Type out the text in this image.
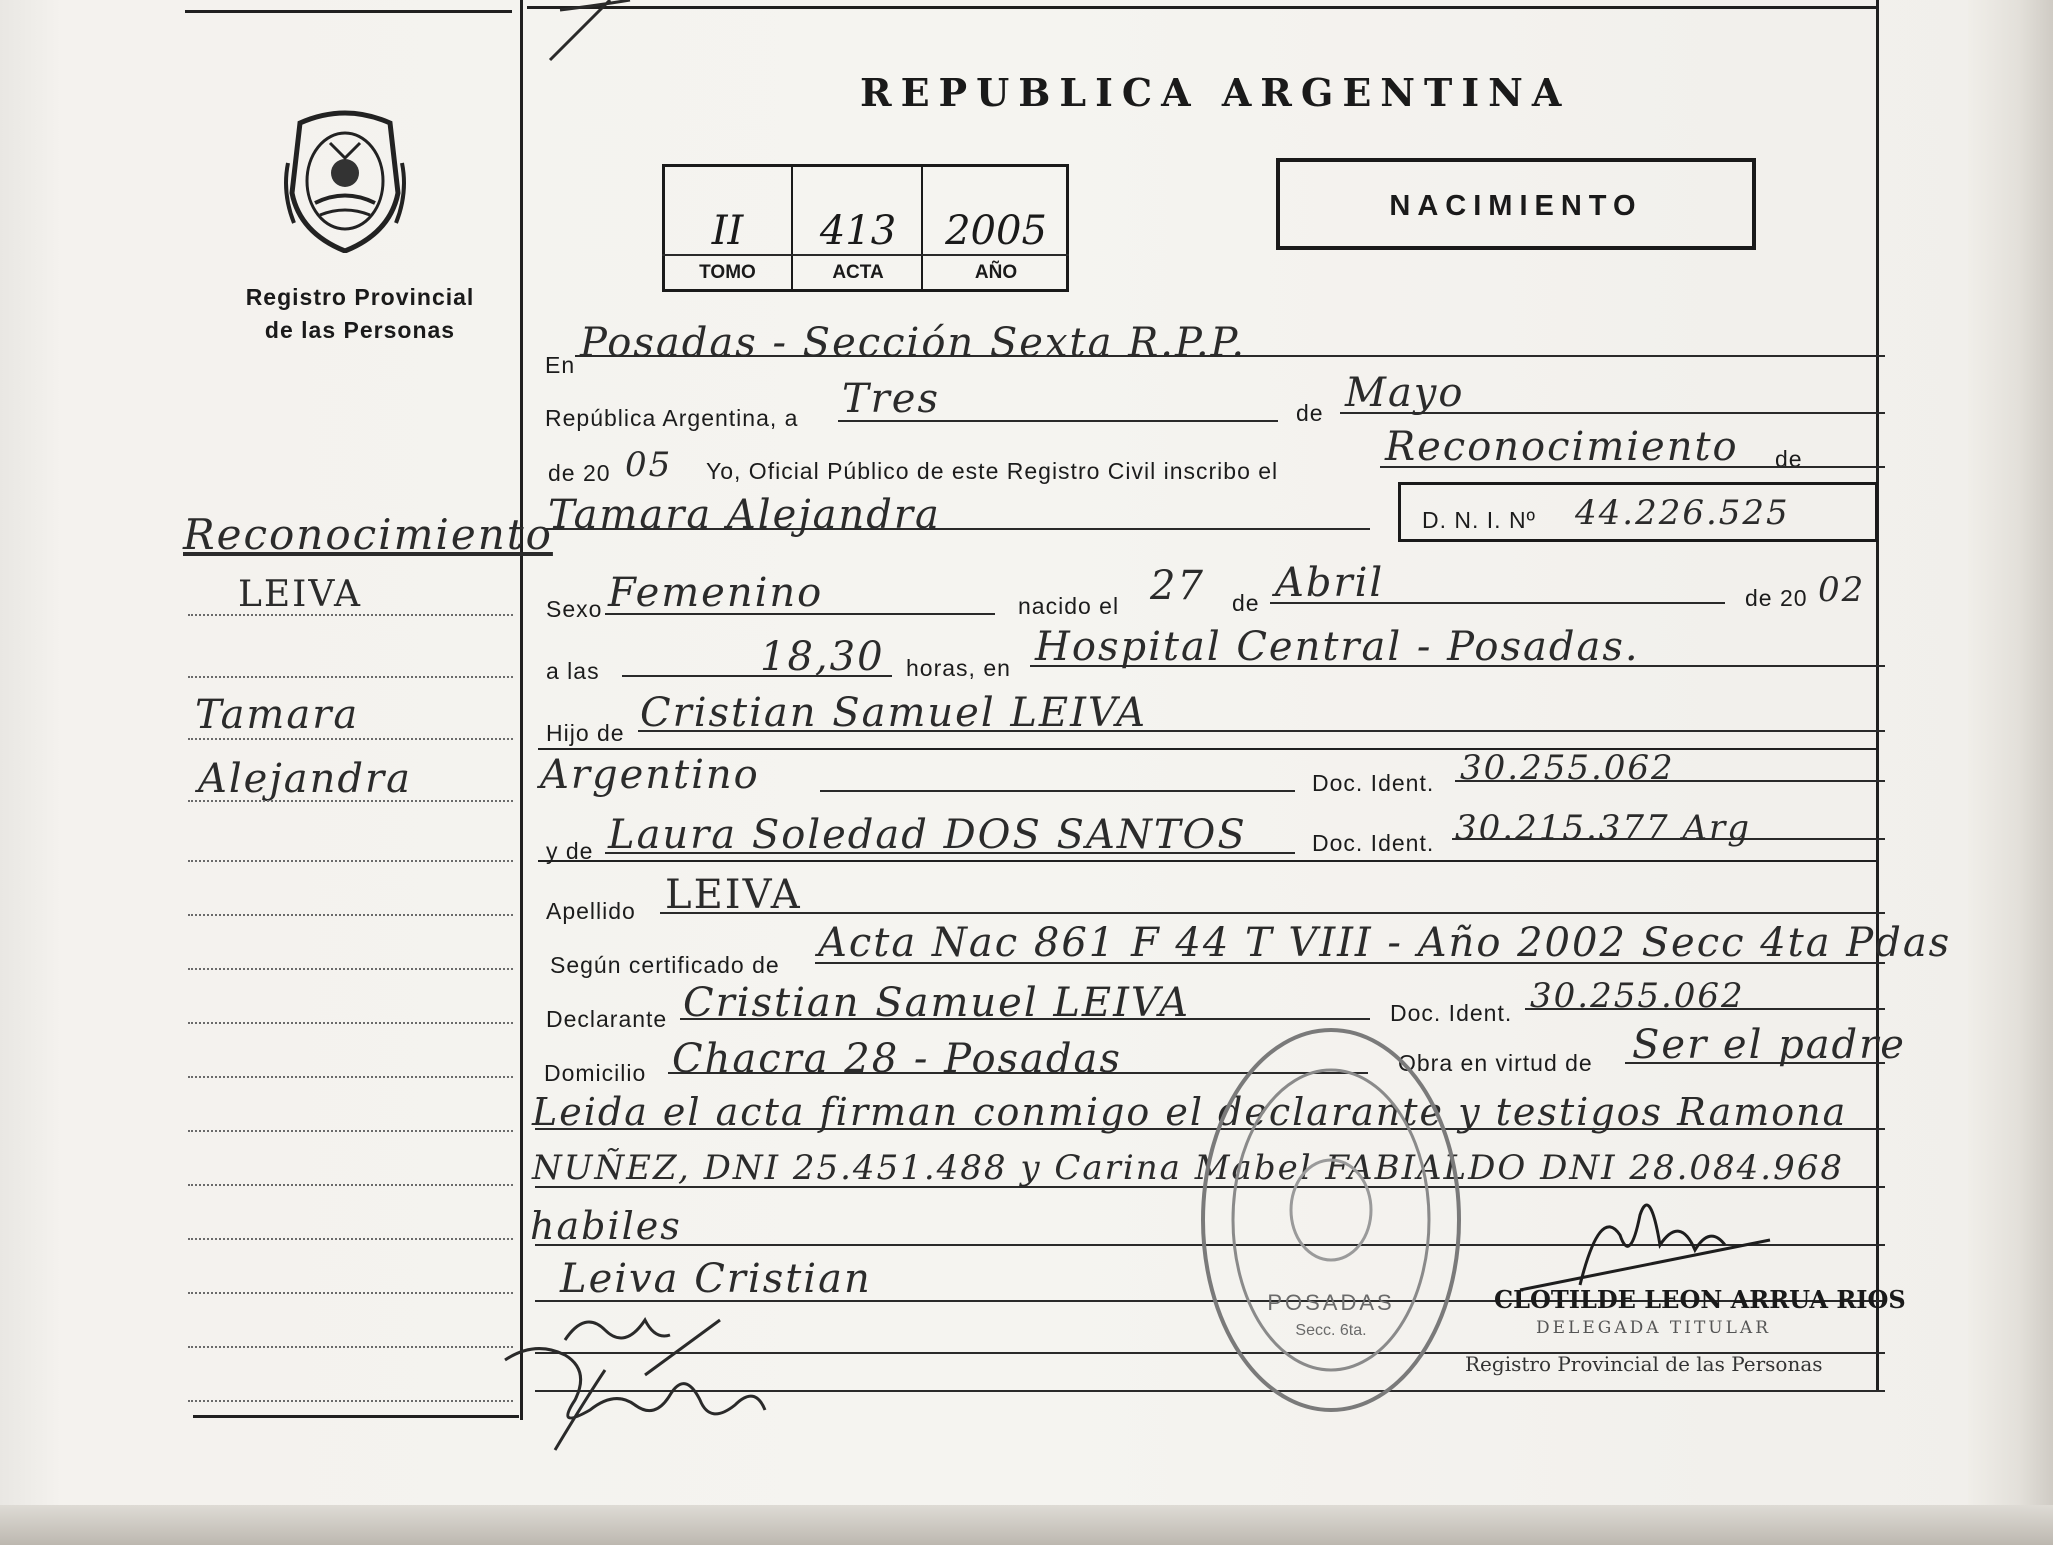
Registro Provincial
de las Personas
Reconocimiento
LEIVA
Tamara
Alejandra
REPUBLICA ARGENTINA
II	413	2005
TOMO	ACTA	AÑO
NACIMIENTO
En Posadas - Sección Sexta R.P.P.
República Argentina, a Tres	de Mayo
de 20 05 Yo, Oficial Público de este Registro Civil inscribo el
Reconocimiento de
Tamara Alejandra	D. N. I. Nº 44.226.525
Sexo Femenino	nacido el 27 de Abril	de 20 02
a las	18,30 horas, en Hospital Central - Posadas.
Hijo de Cristian Samuel LEIVA
Argentino	Doc. Ident. 30.255.062
y de Laura Soledad DOS SANTOS	Doc. Ident. 30.215.377 Arg
Apellido LEIVA
Según certificado de Acta Nac 861 F 44 T VIII - Año 2002 Secc 4ta Pdas
Declarante Cristian Samuel LEIVA	Doc. Ident. 30.255.062
Domicilio Chacra 28 - Posadas	Obra en virtud de Ser el padre
Leida el acta firman conmigo el declarante y testigos Ramona
NUÑEZ, DNI 25.451.488 y Carina Mabel FABIALDO DNI 28.084.968
habiles
Leiva Cristian
POSADAS
Secc. 6ta.
CLOTILDE LEON ARRUA RIOS
DELEGADA TITULAR
Registro Provincial de las Personas
